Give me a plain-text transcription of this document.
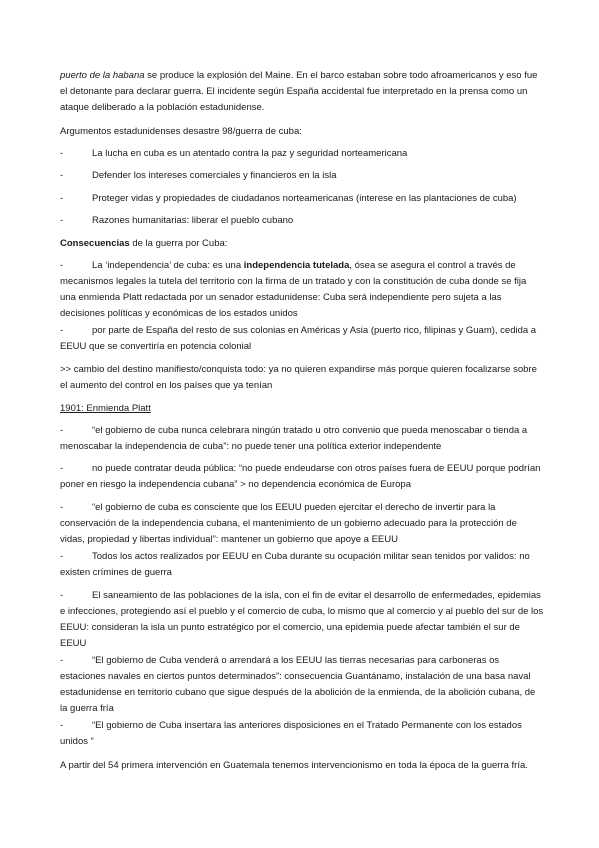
puerto de la habana se produce la explosión del Maine. En el barco estaban sobre todo afroamericanos y eso fue el detonante para declarar guerra. El incidente según España accidental fue interpretado en la prensa como un ataque deliberado a la población estadunidense.

Argumentos estadunidenses desastre 98/guerra de cuba:

-	La lucha en cuba es un atentado contra la paz y seguridad norteamericana
-	Defender los intereses comerciales y financieros en la isla
-	Proteger vidas y propiedades de ciudadanos norteamericanas (interese en las plantaciones de cuba)
-	Razones humanitarias: liberar el pueblo cubano

Consecuencias de la guerra por Cuba:

-	La ‘independencia’ de cuba: es una independencia tutelada, ósea se asegura el control a través de mecanismos legales la tutela del territorio con la firma de un tratado y con la constitución de cuba donde se fija una enmienda Platt redactada por un senador estadunidense: Cuba será independiente pero sujeta a las decisiones políticas y económicas de los estados unidos
-	por parte de España del resto de sus colonias en Américas y Asia (puerto rico, filipinas y Guam), cedida a EEUU que se convertiría en potencia colonial

>> cambio del destino manifiesto/conquista todo: ya no quieren expandirse más porque quieren focalizarse sobre el aumento del control en los países que ya tenían

1901: Enmienda Platt

-	“el gobierno de cuba nunca celebrara ningún tratado u otro convenio que pueda menoscabar o tienda a menoscabar la independencia de cuba”: no puede tener una política exterior independente
-	no puede contratar deuda pública: “no puede endeudarse con otros países fuera de EEUU porque podrían poner en riesgo la independencia cubana” > no dependencia económica de Europa
-	“el gobierno de cuba es consciente que los EEUU pueden ejercitar el derecho de invertir para la conservación de la independencia cubana, el mantenimiento de un gobierno adecuado para la protección de vidas, propiedad y libertas individual”: mantener un gobierno que apoye a EEUU
-	Todos los actos realizados por EEUU en Cuba durante su ocupación militar sean tenidos por validos: no existen crímines de guerra
-	El saneamiento de las poblaciones de la isla, con el fin de evitar el desarrollo de enfermedades, epidemias e infecciones, protegiendo así el pueblo y el comercio de cuba, lo mismo que al comercio y al pueblo del sur de los EEUU: consideran la isla un punto estratégico por el comercio, una epidemia puede afectar también el sur de EEUU
-	“El gobierno de Cuba venderá o arrendará a los EEUU las tierras necesarias para carboneras os estaciones navales en ciertos puntos determinados”: consecuencia Guantánamo, instalación de una basa naval estadunidense en territorio cubano que sigue después de la abolición de la enmienda, de la abolición cubana, de la guerra fría
-	“El gobierno de Cuba insertara las anteriores disposiciones en el Tratado Permanente con los estados unidos “

A partir del 54 primera intervención en Guatemala tenemos intervencionismo en toda la época de la guerra fría.
